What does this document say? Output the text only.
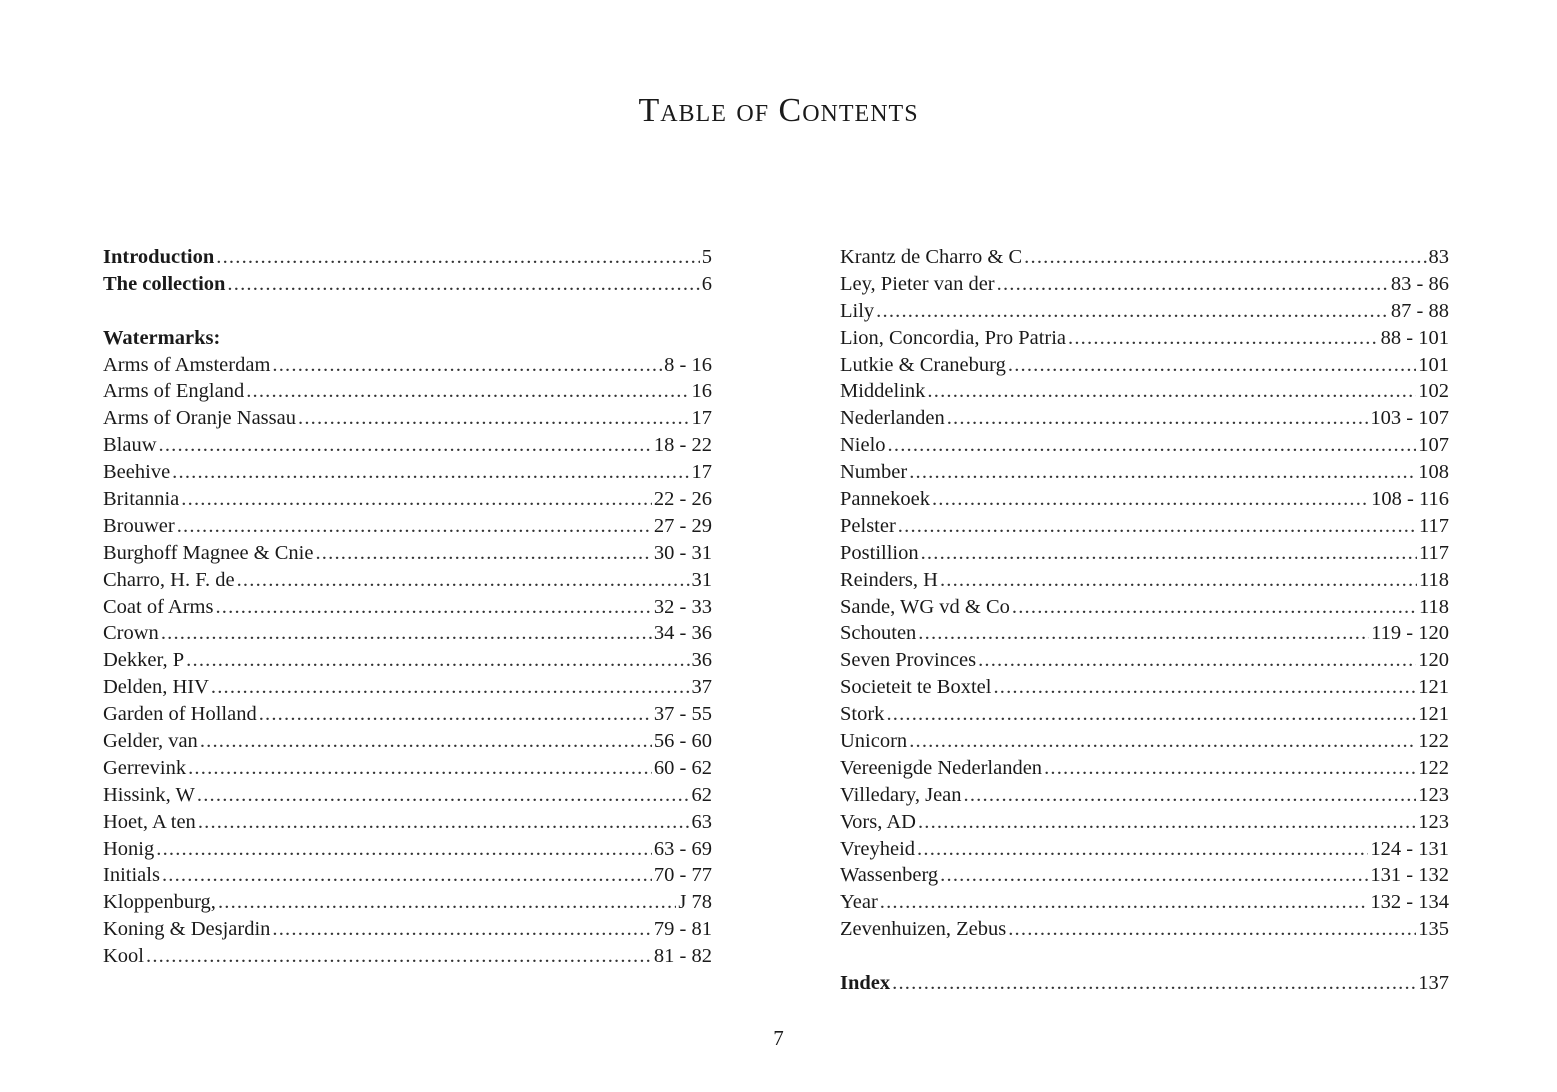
Table of Contents
Introduction .....	5
The collection .....	6
Watermarks:
Arms of Amsterdam .....	8 - 16
Arms of England .....	16
Arms of Oranje Nassau .....	17
Blauw .....	18 - 22
Beehive .....	17
Britannia .....	22 - 26
Brouwer .....	27 - 29
Burghoff Magnee & Cnie .....	30 - 31
Charro, H. F. de .....	31
Coat of Arms .....	32 - 33
Crown .....	34 - 36
Dekker, P .....	36
Delden, HIV .....	37
Garden of Holland .....	37 - 55
Gelder, van .....	56 - 60
Gerrevink .....	60 - 62
Hissink, W .....	62
Hoet, A ten .....	63
Honig .....	63 - 69
Initials .....	70 - 77
Kloppenburg, .....	J 78
Koning & Desjardin .....	79 - 81
Kool .....	81 - 82
Krantz de Charro & C .....	83
Ley, Pieter van der .....	83 - 86
Lily .....	87 - 88
Lion, Concordia, Pro Patria .....	88 - 101
Lutkie & Craneburg .....	101
Middelink .....	102
Nederlanden .....	103 - 107
Nielo .....	107
Number .....	108
Pannekoek .....	108 - 116
Pelster .....	117
Postillion .....	117
Reinders, H .....	118
Sande, WG vd & Co .....	118
Schouten .....	119 - 120
Seven Provinces .....	120
Societeit te Boxtel .....	121
Stork .....	121
Unicorn .....	122
Vereenigde Nederlanden .....	122
Villedary, Jean .....	123
Vors, AD .....	123
Vreyheid .....	124 - 131
Wassenberg .....	131 - 132
Year .....	132 - 134
Zevenhuizen, Zebus .....	135
Index .....	137
7
